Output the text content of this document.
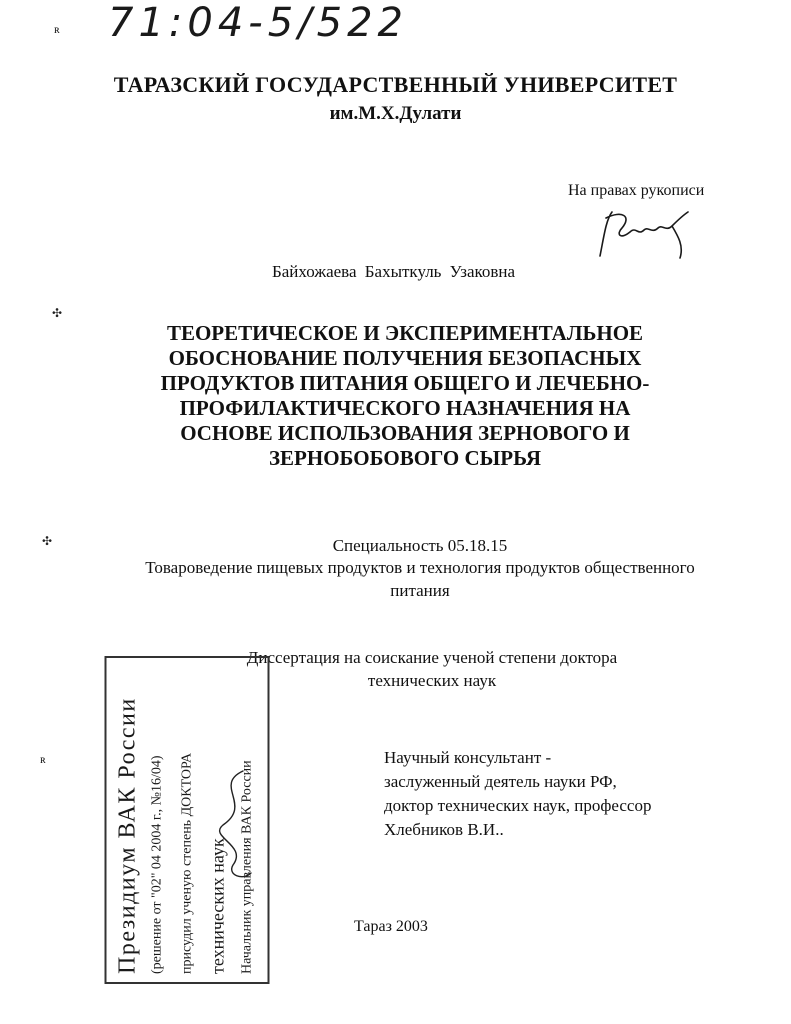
71:04-5/522
ʀ
ТАРАЗСКИЙ ГОСУДАРСТВЕННЫЙ УНИВЕРСИТЕТ
им.М.Х.Дулати
На правах рукописи
Байхожаева Бахыткуль Узаковна
✣
ТЕОРЕТИЧЕСКОЕ И ЭКСПЕРИМЕНТАЛЬНОЕ
ОБОСНОВАНИЕ ПОЛУЧЕНИЯ БЕЗОПАСНЫХ
ПРОДУКТОВ ПИТАНИЯ ОБЩЕГО И ЛЕЧЕБНО-
ПРОФИЛАКТИЧЕСКОГО НАЗНАЧЕНИЯ НА
ОСНОВЕ ИСПОЛЬЗОВАНИЯ ЗЕРНОВОГО И
ЗЕРНОБОБОВОГО СЫРЬЯ
✣	Специальность 05.18.15
Товароведение пищевых продуктов и технология продуктов общественного питания
Диссертация на соискание ученой степени доктора технических наук
ʀ	Научный консультант -
заслуженный деятель науки РФ,
доктор технических наук, профессор
Хлебников В.И..
Тараз 2003
Президиум ВАК России (решение от "02" 04 2004 г., №16/04)	присудил ученую степень ДОКТОРА технических наук Начальник управления ВАК России
